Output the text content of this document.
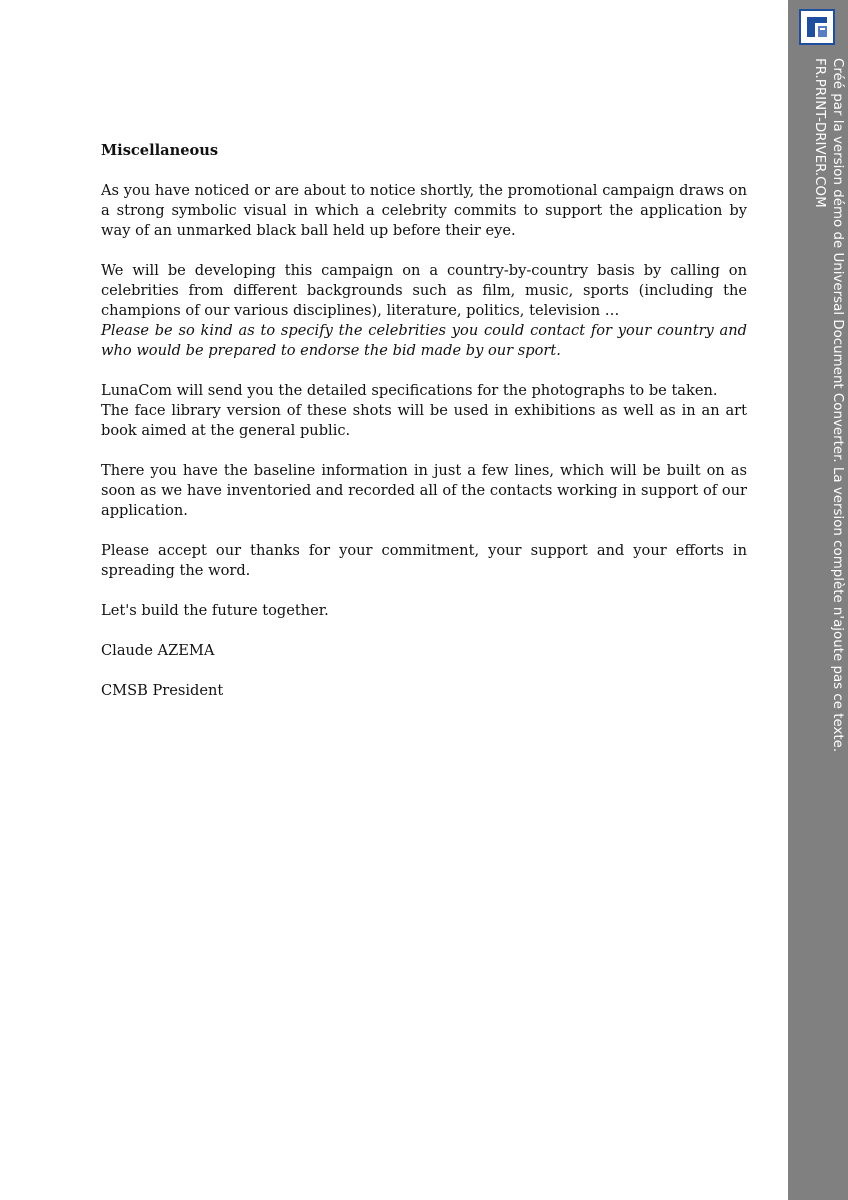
Miscellaneous

As you have noticed or are about to notice shortly, the promotional campaign draws on a strong symbolic visual in which a celebrity commits to support the application by way of an unmarked black ball held up before their eye.

We will be developing this campaign on a country-by-country basis by calling on celebrities from different backgrounds such as film, music, sports (including the champions of our various disciplines), literature, politics, television …
Please be so kind as to specify the celebrities you could contact for your country and who would be prepared to endorse the bid made by our sport.

LunaCom will send you the detailed specifications for the photographs to be taken.
The face library version of these shots will be used in exhibitions as well as in an art book aimed at the general public.

There you have the baseline information in just a few lines, which will be built on as soon as we have inventoried and recorded all of the contacts working in support of our application.

Please accept our thanks for your commitment, your support and your efforts in spreading the word.

Let's build the future together.

Claude AZEMA

CMSB President	Créé par la version démo de Universal Document Converter. La version complète n'ajoute pas ce texte.
FR.PRINT-DRIVER.COM
